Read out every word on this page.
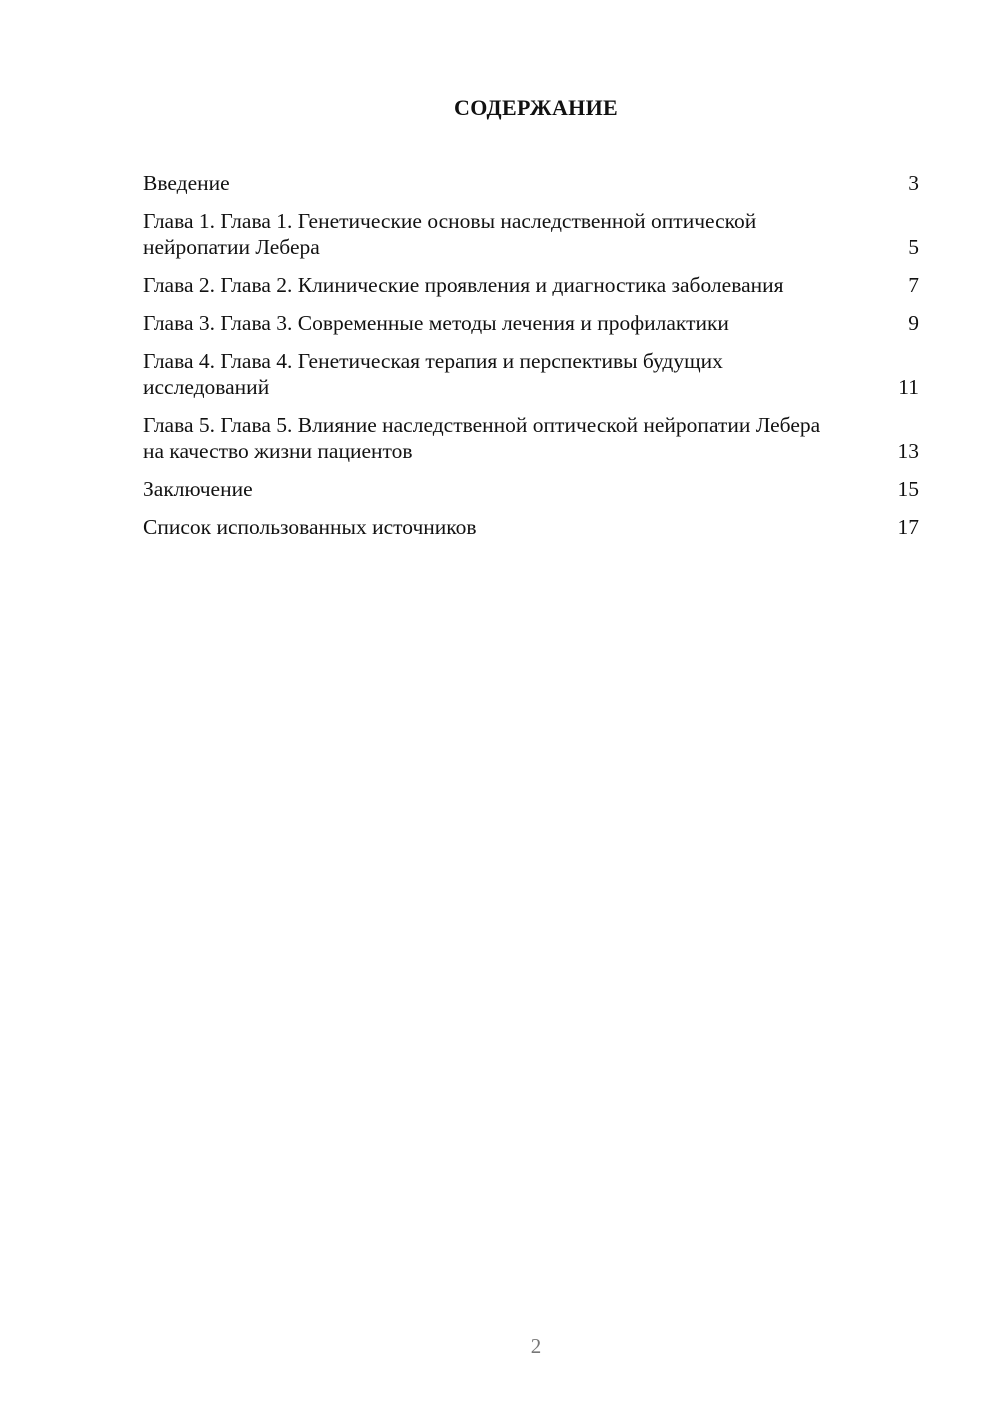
СОДЕРЖАНИЕ
Введение	3
Глава 1. Глава 1. Генетические основы наследственной оптической нейропатии Лебера	5
Глава 2. Глава 2. Клинические проявления и диагностика заболевания	7
Глава 3. Глава 3. Современные методы лечения и профилактики	9
Глава 4. Глава 4. Генетическая терапия и перспективы будущих исследований	11
Глава 5. Глава 5. Влияние наследственной оптической нейропатии Лебера на качество жизни пациентов	13
Заключение	15
Список использованных источников	17
2
